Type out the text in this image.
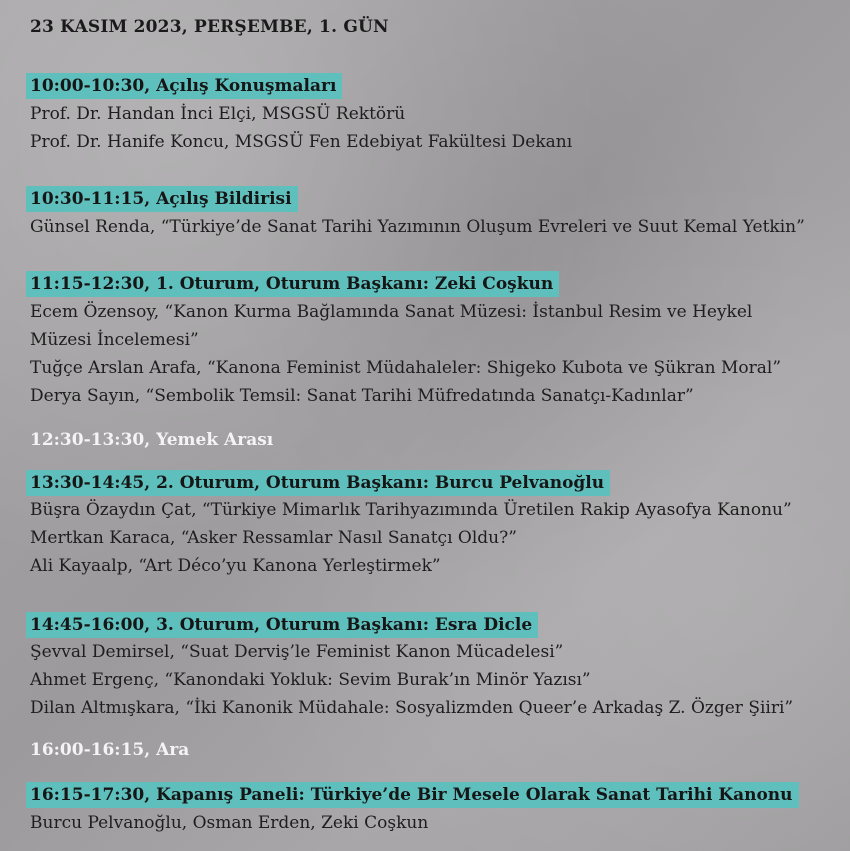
23 KASIM 2023, PERŞEMBE, 1. GÜN
10:00-10:30, Açılış Konuşmaları
Prof. Dr. Handan İnci Elçi, MSGSÜ Rektörü
Prof. Dr. Hanife Koncu, MSGSÜ Fen Edebiyat Fakültesi Dekanı
10:30-11:15, Açılış Bildirisi
Günsel Renda, “Türkiye’de Sanat Tarihi Yazımının Oluşum Evreleri ve Suut Kemal Yetkin”
11:15-12:30, 1. Oturum, Oturum Başkanı: Zeki Coşkun
Ecem Özensoy, “Kanon Kurma Bağlamında Sanat Müzesi: İstanbul Resim ve Heykel
Müzesi İncelemesi”
Tuğçe Arslan Arafa, “Kanona Feminist Müdahaleler: Shigeko Kubota ve Şükran Moral”
Derya Sayın, “Sembolik Temsil: Sanat Tarihi Müfredatında Sanatçı-Kadınlar”
12:30-13:30, Yemek Arası
13:30-14:45, 2. Oturum, Oturum Başkanı: Burcu Pelvanoğlu
Büşra Özaydın Çat, “Türkiye Mimarlık Tarihyazımında Üretilen Rakip Ayasofya Kanonu”
Mertkan Karaca, “Asker Ressamlar Nasıl Sanatçı Oldu?”
Ali Kayaalp, “Art Déco’yu Kanona Yerleştirmek”
14:45-16:00, 3. Oturum, Oturum Başkanı: Esra Dicle
Şevval Demirsel, “Suat Derviş’le Feminist Kanon Mücadelesi”
Ahmet Ergenç, “Kanondaki Yokluk: Sevim Burak’ın Minör Yazısı”
Dilan Altmışkara, “İki Kanonik Müdahale: Sosyalizmden Queer’e Arkadaş Z. Özger Şiiri”
16:00-16:15, Ara
16:15-17:30, Kapanış Paneli: Türkiye’de Bir Mesele Olarak Sanat Tarihi Kanonu
Burcu Pelvanoğlu, Osman Erden, Zeki Coşkun
